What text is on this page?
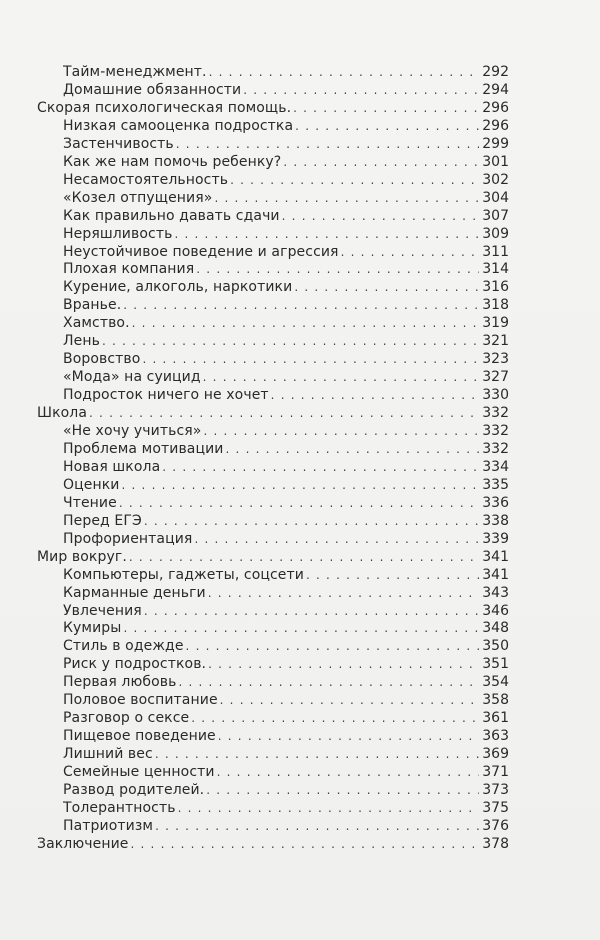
Тайм-менеджмент. . . .	292
Домашние обязанности . . .	294
Скорая психологическая помощь. . . .	296
Низкая самооценка подростка . . .	296
Застенчивость . . .	299
Как же нам помочь ребенку? . . .	301
Несамостоятельность . . .	302
«Козел отпущения» . . .	304
Как правильно давать сдачи . . .	307
Неряшливость . . .	309
Неустойчивое поведение и агрессия . . .	311
Плохая компания . . .	314
Курение, алкоголь, наркотики . . .	316
Вранье. . . .	318
Хамство. . . .	319
Лень . . .	321
Воровство . . .	323
«Мода» на суицид . . .	327
Подросток ничего не хочет . . .	330
Школа . . .	332
«Не хочу учиться» . . .	332
Проблема мотивации . . .	332
Новая школа . . .	334
Оценки . . .	335
Чтение . . .	336
Перед ЕГЭ . . .	338
Профориентация . . .	339
Мир вокруг. . . .	341
Компьютеры, гаджеты, соцсети . . .	341
Карманные деньги . . .	343
Увлечения . . .	346
Кумиры . . .	348
Стиль в одежде . . .	350
Риск у подростков. . . .	351
Первая любовь . . .	354
Половое воспитание . . .	358
Разговор о сексе . . .	361
Пищевое поведение . . .	363
Лишний вес . . .	369
Семейные ценности . . .	371
Развод родителей. . . .	373
Толерантность . . .	375
Патриотизм . . .	376
Заключение . . .	378
